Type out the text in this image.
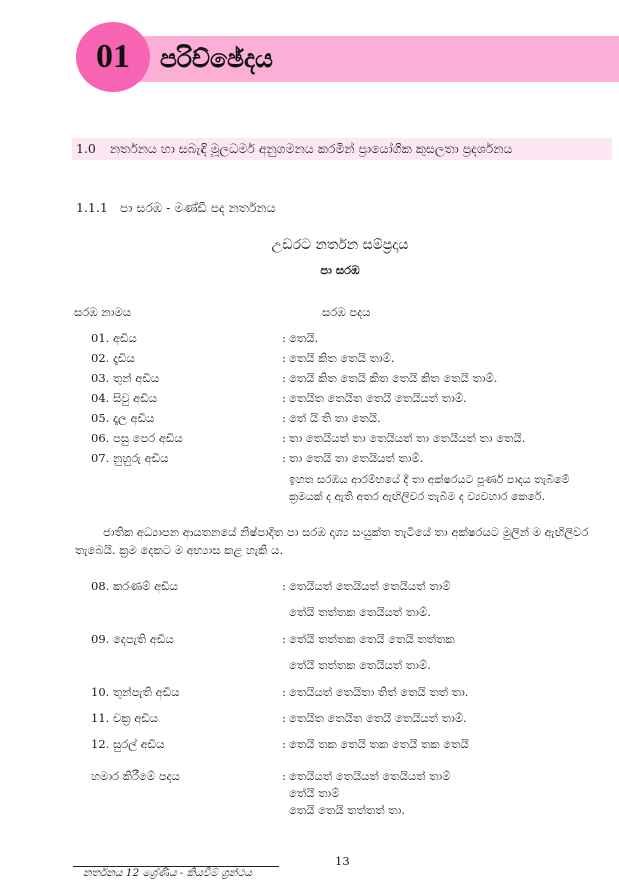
01 පරිච්ඡේදය
1.0 නර්තනය හා සබැඳි මූලධර්ම අනුගමනය කරමින් ප්‍රායෝගික කුසලතා ප්‍රදර්ශනය
1.1.1 පා සරඹ - මණ්ඩි පද නර්තනය
උඩරට නර්තන සම්ප්‍රදාය
පා සරඹ
සරඹ නාමය	සරඹ පදය
01. අඩිය	: තෙයි.
02. දෑඩිය	: තෙයි කිත තෙයි තාම්.
03. තුන් අඩිය	: තෙයි කිත තෙයි කිත තෙයි කිත තෙයි තාම්.
04. සිවු අඩිය	: තෙයිත තෙයිත තෙයි තෙයියත් තාම්.
05. දෑල අඩිය	: තේ යි ති තා තෙයි.
06. පසු පෙර අඩිය	: තා තෙයියත් තා තෙයියත් තා තෙයියත් තා තෙයි.
07. නුහුරු අඩිය	: තා තෙයි තා තෙයියත් තාම්.
ඉහත සරඹය ආරම්භයේ දී තා අක්ෂරයට පූර්ණ පාදය තැබීමේ
ක්‍රමයක් ද ඇති අතර ඇඟිලිවර තැබීම ද ව්‍යවහාර කෙරේ.
ජාතික අධ්‍යාපන ආයතනයේ නිෂ්පාදිත පා සරඹ දෘශ්‍ය සංයුක්ත තැටියේ තා අක්ෂරයට මුලින් ම ඇඟිලිවර තැබෙයි. ක්‍රම දෙකට ම අභ්‍යාස කළ හැකි ය.
08. කරණම් අඩිය	: තෙයියත් තෙයියත් තෙයියත් තාම්
තේයි තත්තක තෙයියත් තාම්.
09. දෙපැති අඩිය	: තේයි තත්තක තෙයි තෙයි තත්තක
තේයි තත්තක තෙයියත් තාම්.
10. තුන්පැති අඩිය	: තෙයියත් තෙයිතා තිත් තෙයි තත් තා.
11. චක්‍ර අඩිය	: තෙයිත තෙයිත තෙයි තෙයියත් තාම්.
12. සුරල් අඩිය	: තෙයි තක තෙයි තක තෙයි තක තෙයි
හමාර කිරීමේ පදය	: තෙයියත් තෙයියත් තෙයියත් තාම්
තේයි තාම්
තෙයි තෙයි තත්තත් තා.
13
නර්තනය 12 ශ්‍රේණිය - කියවීම් ග්‍රන්ථය
